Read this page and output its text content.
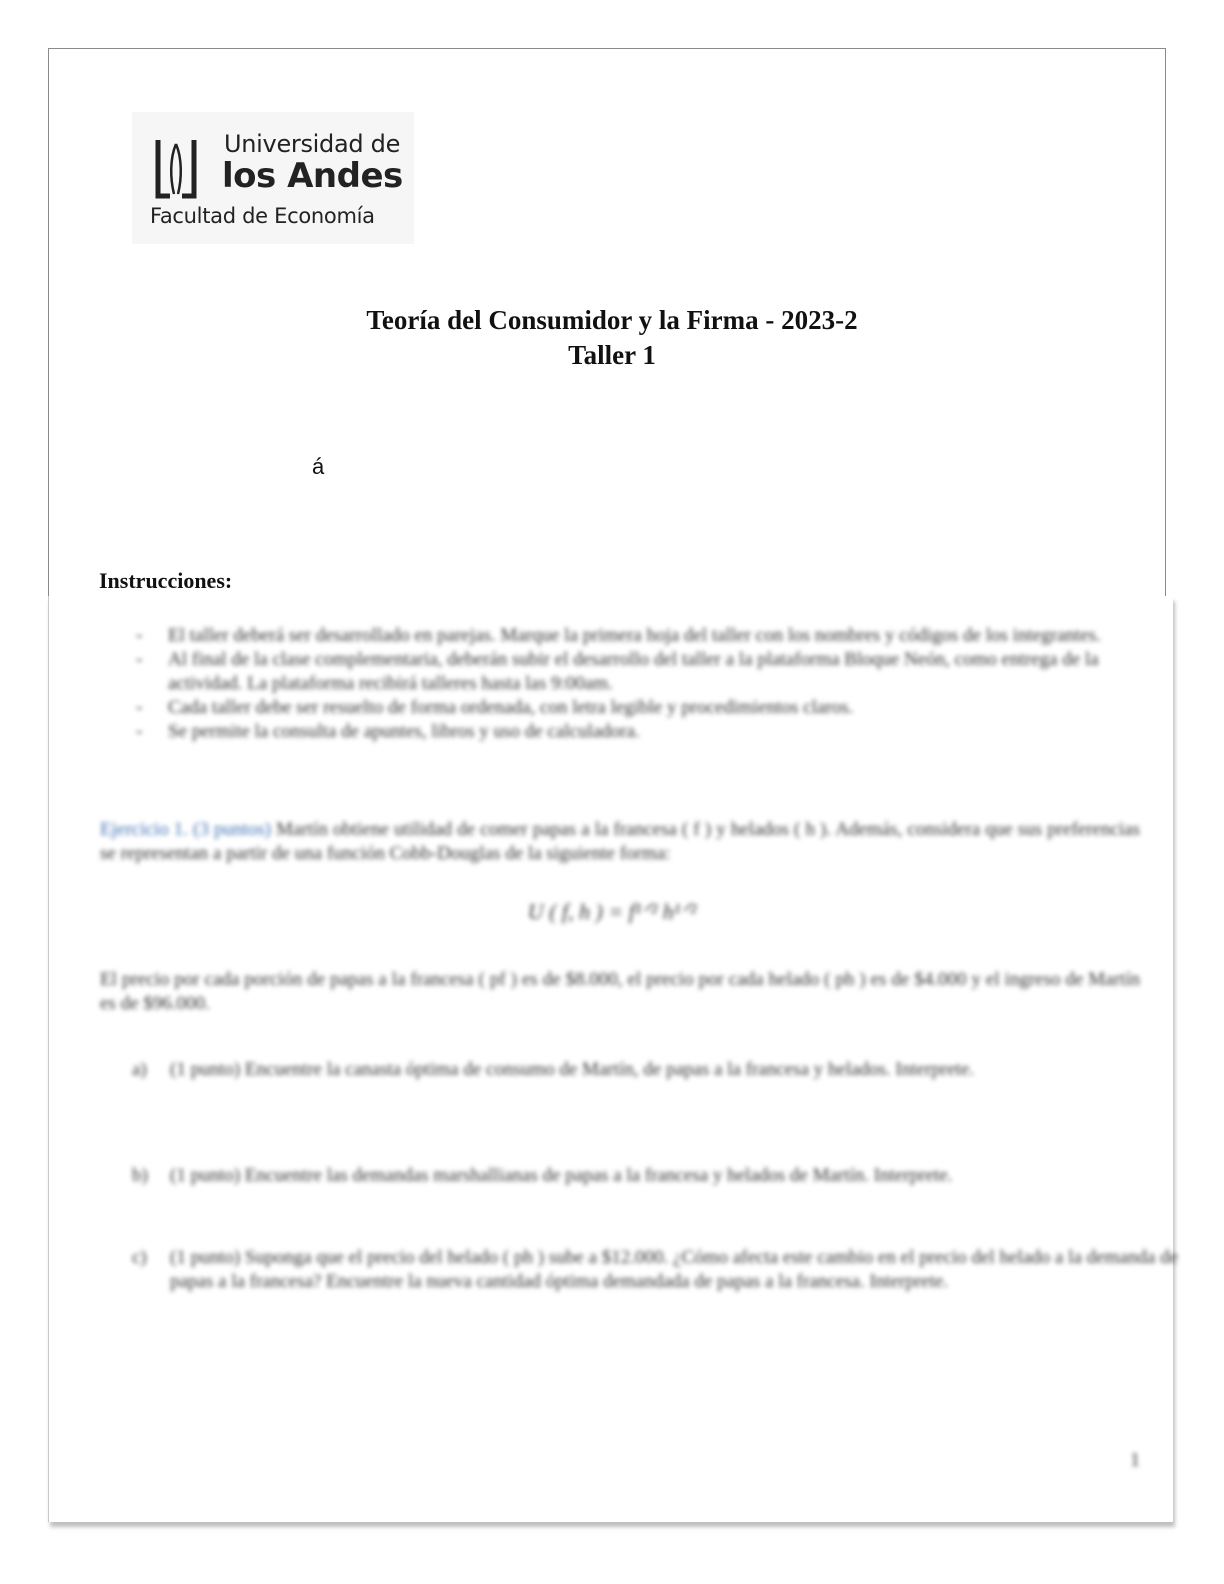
Universidad de
los Andes
Facultad de Economía
Teoría del Consumidor y la Firma - 2023-2
Taller 1
á
Instrucciones:
- El taller deberá ser desarrollado en parejas. Marque la primera hoja del taller con los nombres y códigos de los integrantes.
- Al final de la clase complementaria, deberán subir el desarrollo del taller a la plataforma Bloque Neón, como entrega de la actividad. La plataforma recibirá talleres hasta las 9:00am.
- Cada taller debe ser resuelto de forma ordenada, con letra legible y procedimientos claros.
- Se permite la consulta de apuntes, libros y uso de calculadora.
Ejercicio 1. (3 puntos) Martín obtiene utilidad de comer papas a la francesa ( f ) y helados ( h ). Además, considera que sus preferencias se representan a partir de una función Cobb-Douglas de la siguiente forma:
U ( f, h ) = f¹ᐟ² h¹ᐟ²
El precio por cada porción de papas a la francesa ( pf ) es de $8.000, el precio por cada helado ( ph ) es de $4.000 y el ingreso de Martín es de $96.000.
a) (1 punto) Encuentre la canasta óptima de consumo de Martín, de papas a la francesa y helados. Interprete.
b) (1 punto) Encuentre las demandas marshallianas de papas a la francesa y helados de Martín. Interprete.
c) (1 punto) Suponga que el precio del helado ( ph ) sube a $12.000. ¿Cómo afecta este cambio en el precio del helado a la demanda de papas a la francesa? Encuentre la nueva cantidad óptima demandada de papas a la francesa. Interprete.
1
